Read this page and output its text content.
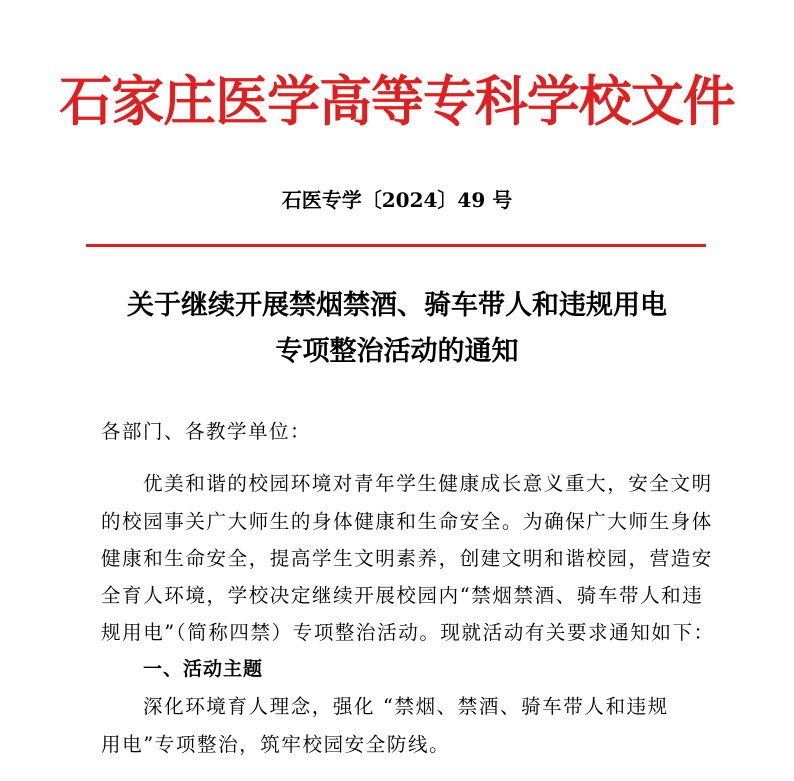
石家庄医学高等专科学校文件
石医专学〔2024〕49 号
关于继续开展禁烟禁酒、骑车带人和违规用电
专项整治活动的通知
各部门、各教学单位：
优美和谐的校园环境对青年学生健康成长意义重大，安全文明
的校园事关广大师生的身体健康和生命安全。为确保广大师生身体
健康和生命安全，提高学生文明素养，创建文明和谐校园，营造安
全育人环境，学校决定继续开展校园内“禁烟禁酒、骑车带人和违
规用电”（简称四禁）专项整治活动。现就活动有关要求通知如下：
一、活动主题
深化环境育人理念，强化 “禁烟、禁酒、骑车带人和违规
用电”专项整治，筑牢校园安全防线。
